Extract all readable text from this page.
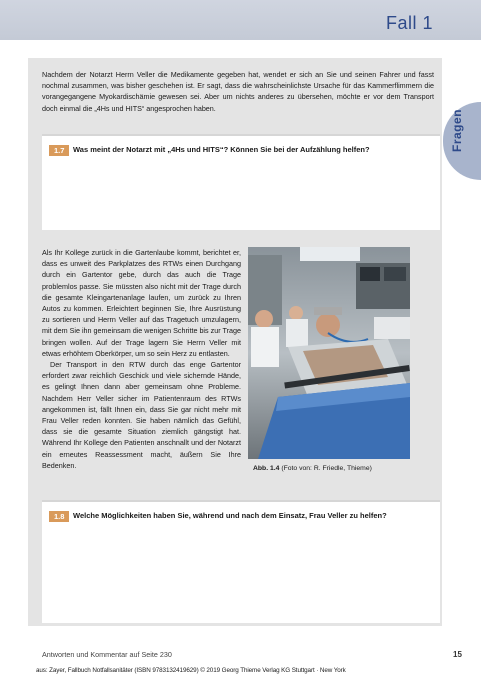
Fall 1
Fragen

Nachdem der Notarzt Herrn Veller die Medikamente gegeben hat, wendet er sich an Sie und seinen Fahrer und fasst nochmal zusammen, was bisher geschehen ist. Er sagt, dass die wahrscheinlichste Ursache für das Kammerflimmern die vorangegangene Myokardischämie gewesen sei. Aber um nichts anderes zu übersehen, möchte er vor dem Transport doch einmal die „4Hs und HITS“ angesprochen haben.

1.7	Was meint der Notarzt mit „4Hs und HITS“? Können Sie bei der Aufzählung helfen?

Als Ihr Kollege zurück in die Gartenlaube kommt, berichtet er, dass es unweit des Parkplatzes des RTWs einen Durchgang durch ein Gartentor gebe, durch das auch die Trage problemlos passe. Sie müssten also nicht mit der Trage durch die gesamte Kleingartenanlage laufen, um zurück zu Ihren Autos zu kommen. Erleichtert beginnen Sie, Ihre Ausrüstung zu sortieren und Herrn Veller auf das Tragetuch umzulagern, mit dem Sie ihn gemeinsam die wenigen Schritte bis zur Trage bringen wollen. Auf der Trage lagern Sie Herrn Veller mit etwas erhöhtem Oberkörper, um so sein Herz zu entlasten.

Der Transport in den RTW durch das enge Gartentor erfordert zwar reichlich Geschick und viele sichernde Hände, es gelingt Ihnen dann aber gemeinsam ohne Probleme. Nachdem Herr Veller sicher im Patientenraum des RTWs angekommen ist, fällt Ihnen ein, dass Sie gar nicht mehr mit Frau Veller reden konnten. Sie haben nämlich das Gefühl, dass sie die gesamte Situation ziemlich gängstigt hat. Während Ihr Kollege den Patienten anschnallt und der Notarzt ein erneutes Reassessment macht, äußern Sie Ihre Bedenken.	Abb. 1.4 (Foto von: R. Friedle, Thieme)
1.8	Welche Möglichkeiten haben Sie, während und nach dem Einsatz, Frau Veller zu helfen?
Antworten und Kommentar auf Seite 230	15
aus: Zayer, Fallbuch Notfallsanitäter (ISBN 9783132419629) © 2019 Georg Thieme Verlag KG Stuttgart · New York
